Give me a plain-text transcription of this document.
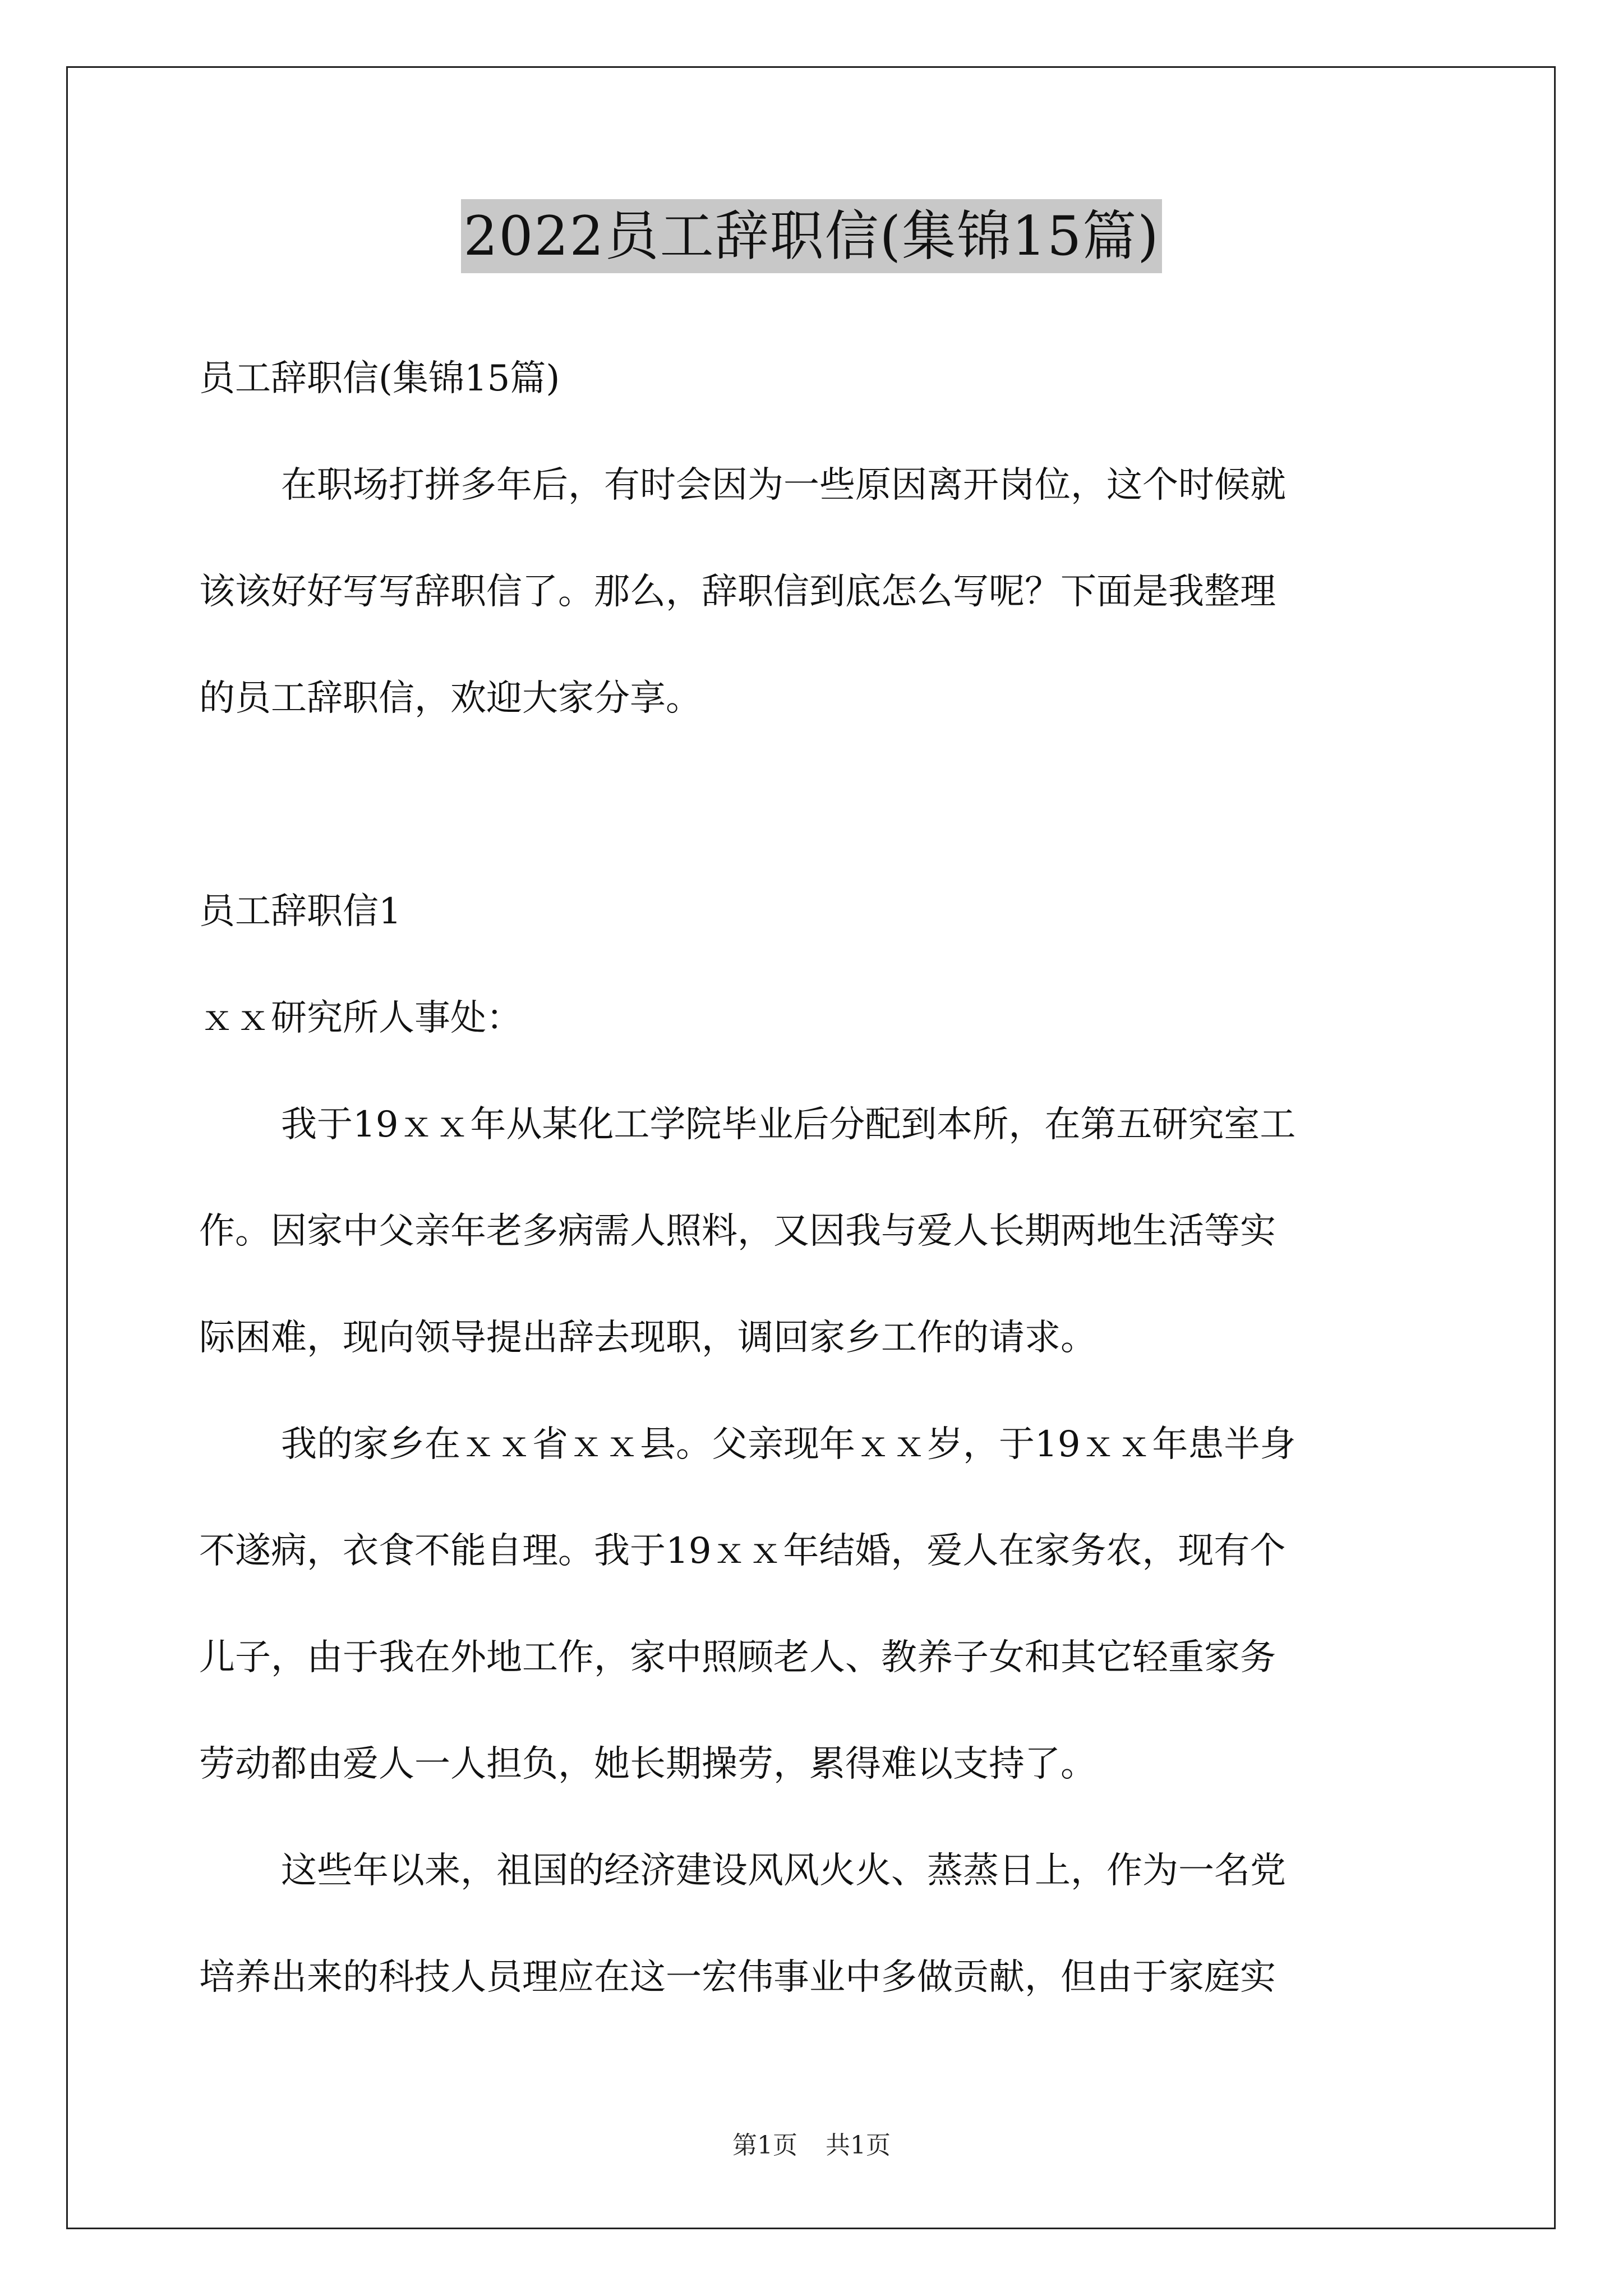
2022员工辞职信(集锦15篇)
员工辞职信(集锦15篇)
在职场打拼多年后，有时会因为一些原因离开岗位，这个时候就
该该好好写写辞职信了。那么，辞职信到底怎么写呢？下面是我整理
的员工辞职信，欢迎大家分享。
员工辞职信1
ｘｘ研究所人事处：
我于19ｘｘ年从某化工学院毕业后分配到本所，在第五研究室工
作。因家中父亲年老多病需人照料，又因我与爱人长期两地生活等实
际困难，现向领导提出辞去现职，调回家乡工作的请求。
我的家乡在ｘｘ省ｘｘ县。父亲现年ｘｘ岁，于19ｘｘ年患半身
不遂病，衣食不能自理。我于19ｘｘ年结婚，爱人在家务农，现有个
儿子，由于我在外地工作，家中照顾老人、教养子女和其它轻重家务
劳动都由爱人一人担负，她长期操劳，累得难以支持了。
这些年以来，祖国的经济建设风风火火、蒸蒸日上，作为一名党
培养出来的科技人员理应在这一宏伟事业中多做贡献，但由于家庭实
第1页 共1页
